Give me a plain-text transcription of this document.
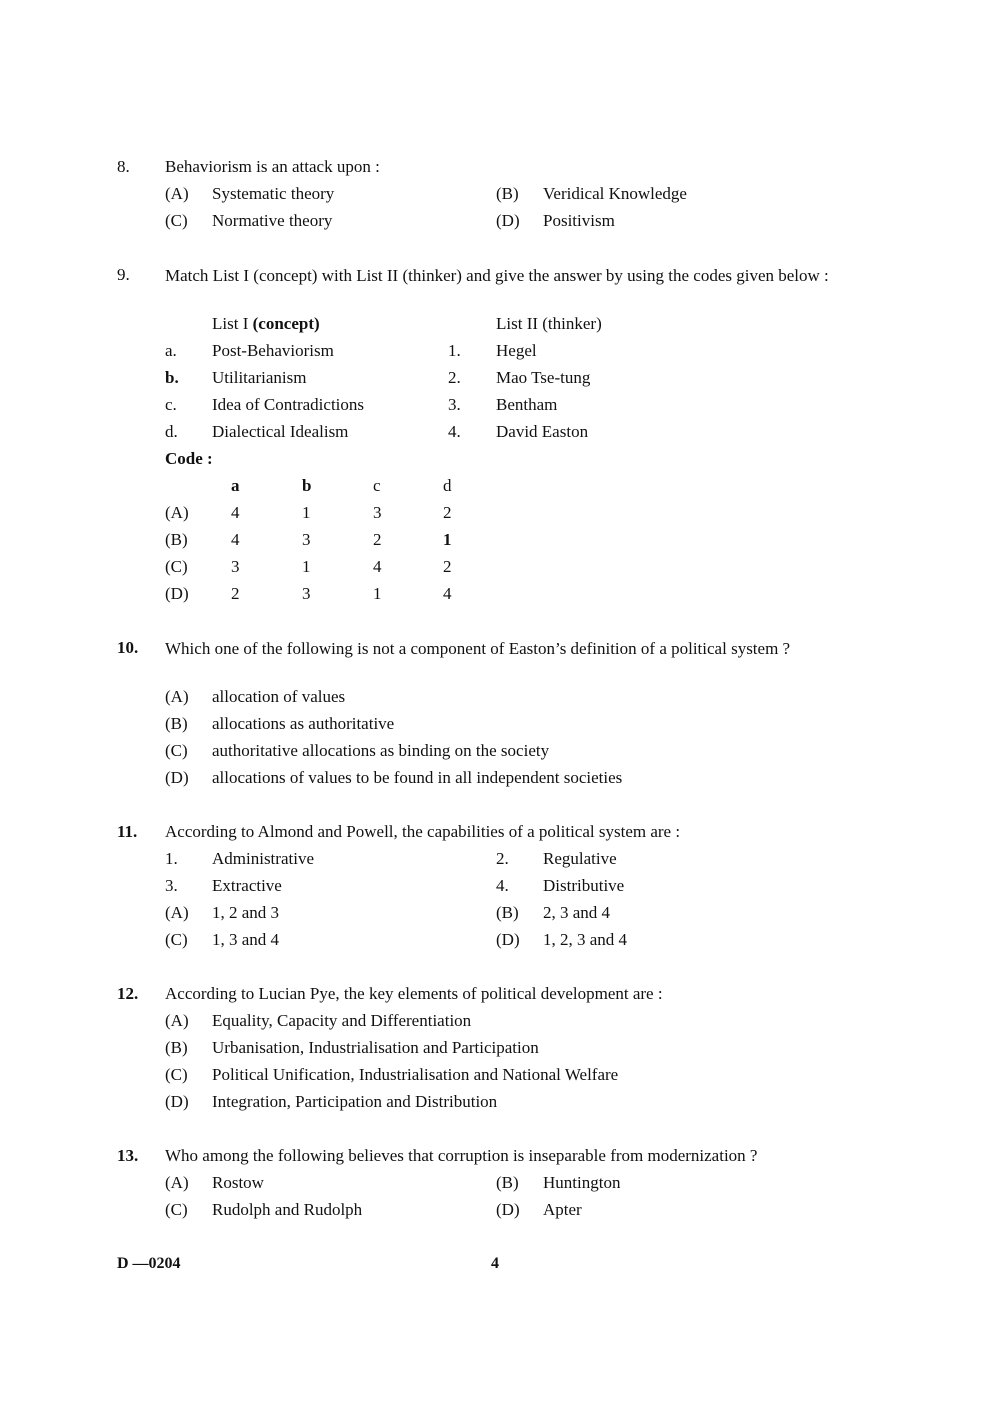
8. Behaviorism is an attack upon :
(A) Systematic theory	(B) Veridical Knowledge
(C) Normative theory	(D) Positivism
9. Match List I (concept) with List II (thinker) and give the answer by using the codes given below :
List I (concept)	List II (thinker)
a. Post-Behaviorism	1. Hegel
b. Utilitarianism	2. Mao Tse-tung
c. Idea of Contradictions	3. Bentham
d. Dialectical Idealism	4. David Easton
Code :
a	b	c	d
(A) 4	1	3	2
(B)	4	3	2	1
(C)	3	1	4	2
(D) 2	3	1	4
10. Which one of the following is not a component of Easton’s definition of a political system ?
(A) allocation of values
(B) allocations as authoritative
(C) authoritative allocations as binding on the society
(D) allocations of values to be found in all independent societies
11. According to Almond and Powell, the capabilities of a political system are :
1. Administrative	2. Regulative
3. Extractive	4. Distributive
(A) 1, 2 and 3	(B) 2, 3 and 4
(C) 1, 3 and 4	(D) 1, 2, 3 and 4
12. According to Lucian Pye, the key elements of political development are :
(A) Equality, Capacity and Differentiation
(B) Urbanisation, Industrialisation and Participation
(C) Political Unification, Industrialisation and National Welfare
(D) Integration, Participation and Distribution
13. Who among the following believes that corruption is inseparable from modernization ?
(A) Rostow	(B) Huntington
(C) Rudolph and Rudolph	(D) Apter
D —0204	4
